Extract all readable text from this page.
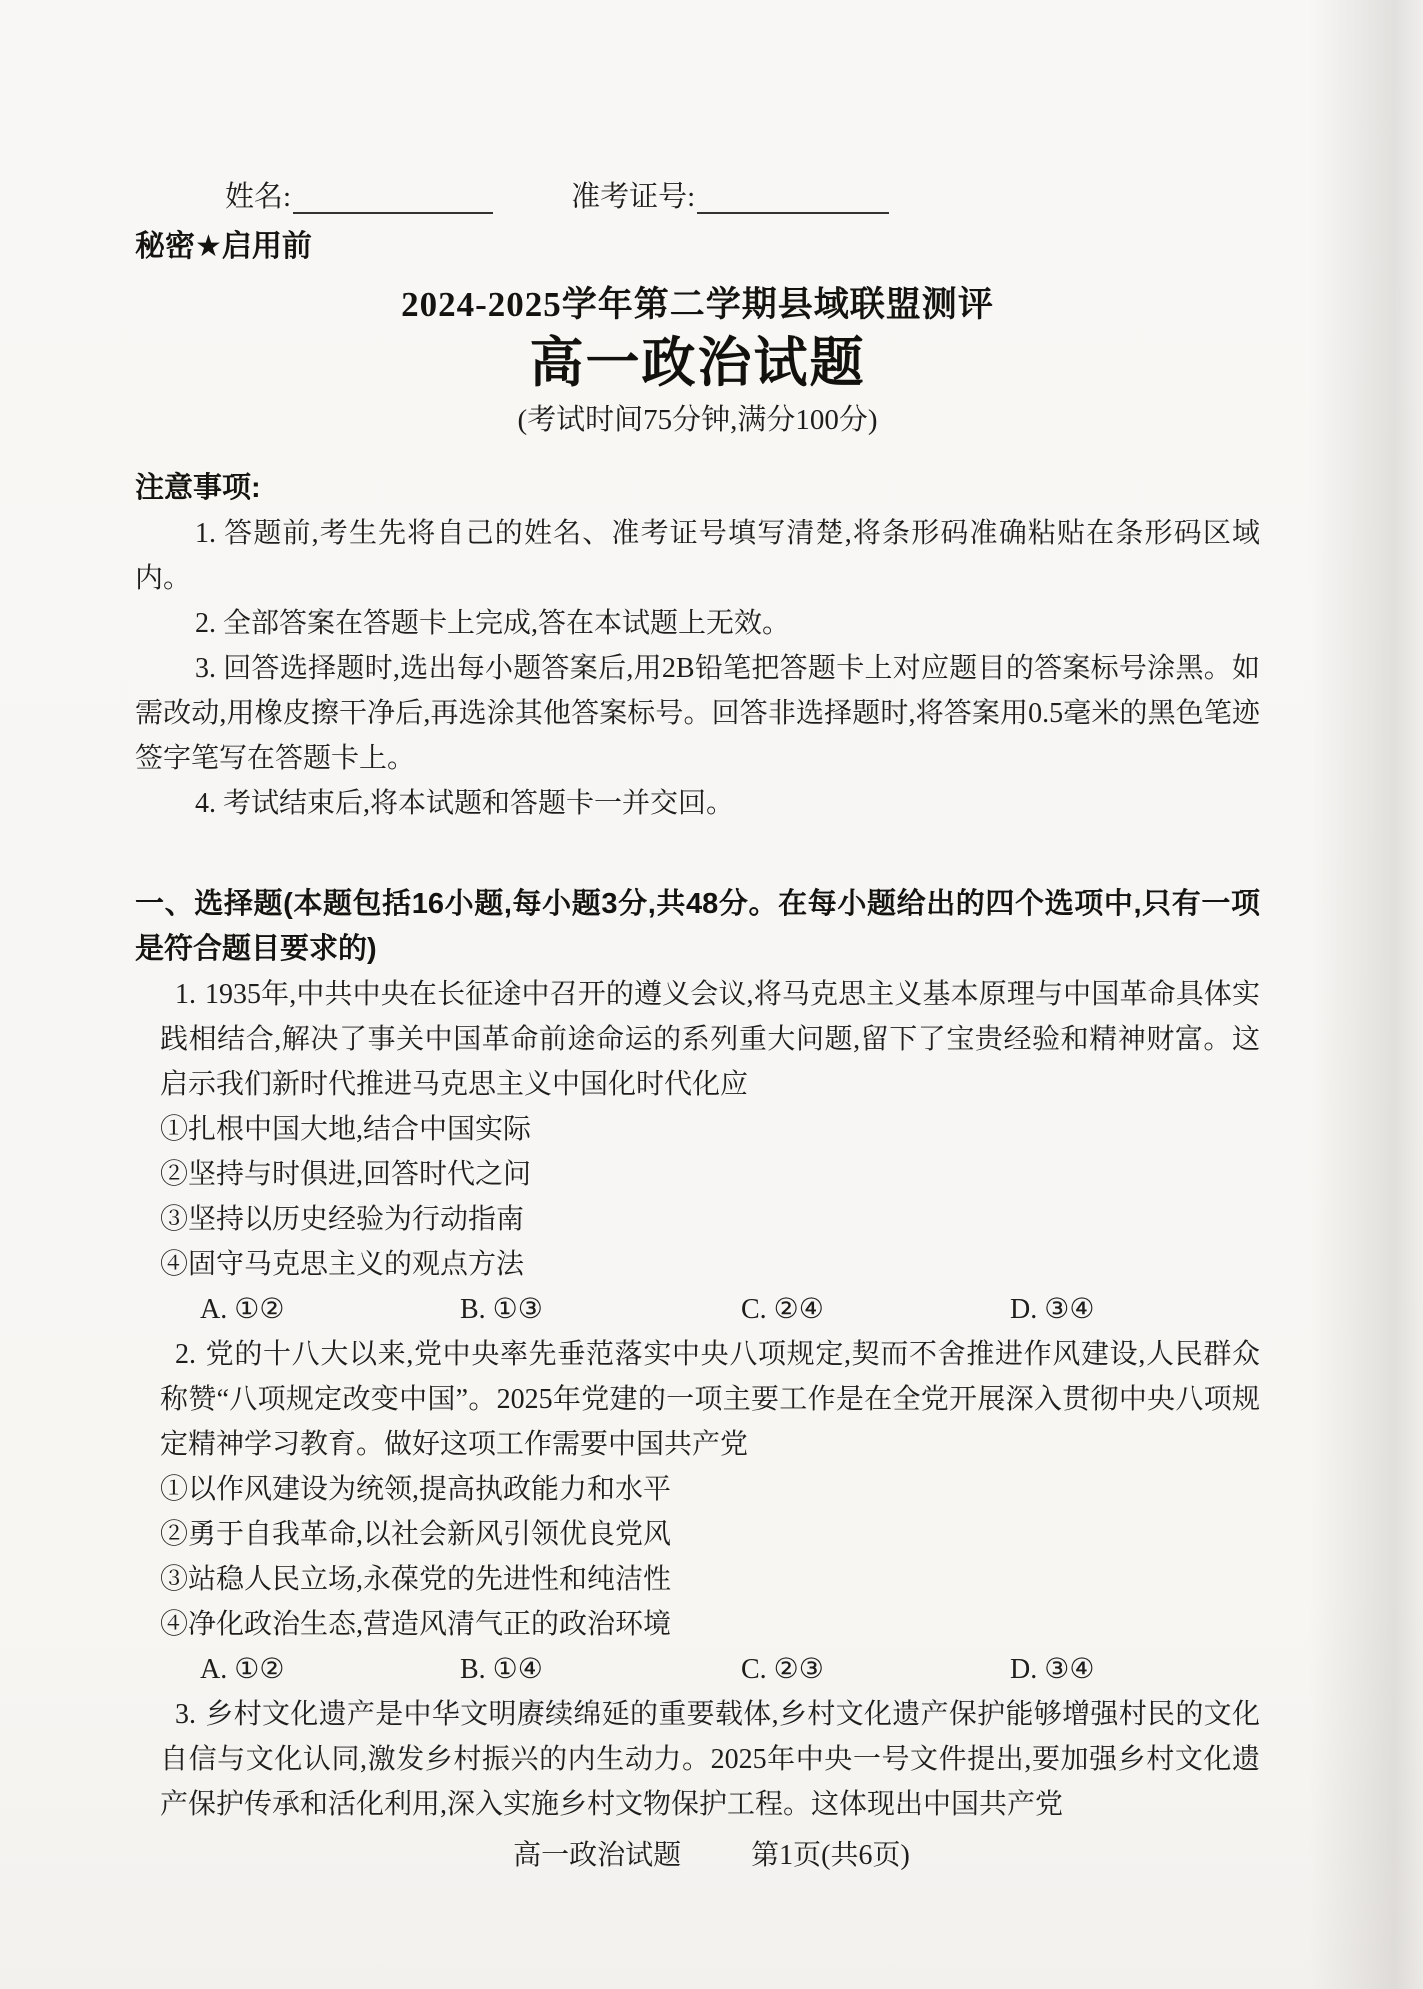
姓名:	准考证号:
秘密★启用前
2024-2025学年第二学期县域联盟测评
高一政治试题
(考试时间75分钟,满分100分)
注意事项:

1. 答题前,考生先将自己的姓名、准考证号填写清楚,将条形码准确粘贴在条形码区域内。

2. 全部答案在答题卡上完成,答在本试题上无效。

3. 回答选择题时,选出每小题答案后,用2B铅笔把答题卡上对应题目的答案标号涂黑。如需改动,用橡皮擦干净后,再选涂其他答案标号。回答非选择题时,将答案用0.5毫米的黑色笔迹签字笔写在答题卡上。

4. 考试结束后,将本试题和答题卡一并交回。

一、选择题(本题包括16小题,每小题3分,共48分。在每小题给出的四个选项中,只有一项是符合题目要求的)

1. 1935年,中共中央在长征途中召开的遵义会议,将马克思主义基本原理与中国革命具体实践相结合,解决了事关中国革命前途命运的系列重大问题,留下了宝贵经验和精神财富。这启示我们新时代推进马克思主义中国化时代化应

①扎根中国大地,结合中国实际

②坚持与时俱进,回答时代之问

③坚持以历史经验为行动指南

④固守马克思主义的观点方法

A. ①②	B. ①③	C. ②④	D. ③④

2. 党的十八大以来,党中央率先垂范落实中央八项规定,契而不舍推进作风建设,人民群众称赞“八项规定改变中国”。2025年党建的一项主要工作是在全党开展深入贯彻中央八项规定精神学习教育。做好这项工作需要中国共产党

①以作风建设为统领,提高执政能力和水平

②勇于自我革命,以社会新风引领优良党风

③站稳人民立场,永葆党的先进性和纯洁性

④净化政治生态,营造风清气正的政治环境

A. ①②	B. ①④	C. ②③	D. ③④

3. 乡村文化遗产是中华文明赓续绵延的重要载体,乡村文化遗产保护能够增强村民的文化自信与文化认同,激发乡村振兴的内生动力。2025年中央一号文件提出,要加强乡村文化遗产保护传承和活化利用,深入实施乡村文物保护工程。这体现出中国共产党

高一政治试题	第1页(共6页)
